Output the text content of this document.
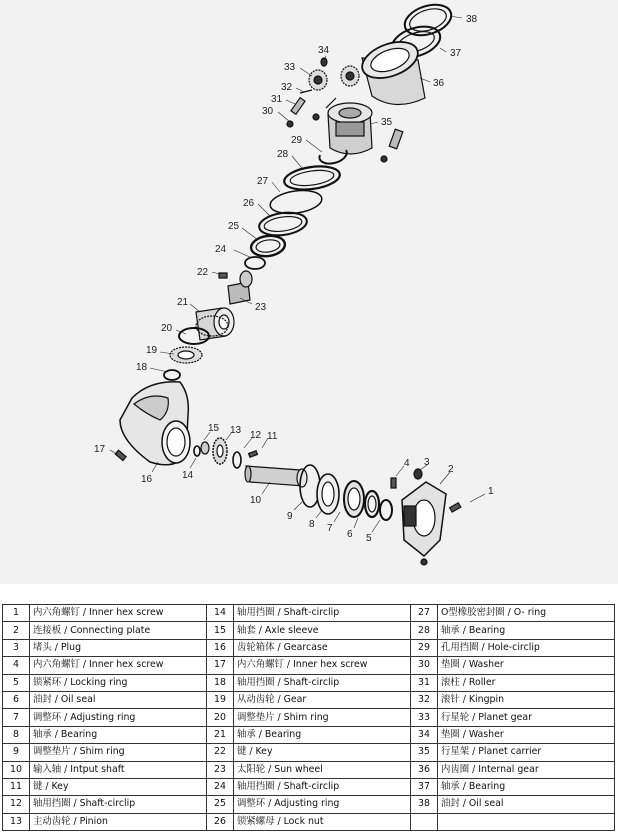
1
2
3
4
5
6
7
8
9
10
11
12
13
14
15
16
17
18
19
20
21
22
23
24
25
26
27
28
29
30
31
32
33
34
35
36
37
38
1	内六角螺钉 / Inner hex screw	14	轴用挡圈 / Shaft-circlip	27	O型橡胶密封圈 / O- ring
2	连接板 / Connecting plate	15	轴套 / Axle sleeve	28	轴承 / Bearing
3	堵头 / Plug	16	齿轮箱体 / Gearcase	29	孔用挡圈 / Hole-circlip
4	内六角螺钉 / Inner hex screw	17	内六角螺钉 / Inner hex screw	30	垫圈 / Washer
5	锁紧环 / Locking ring	18	轴用挡圈 / Shaft-circlip	31	滚柱 / Roller
6	油封 / Oil seal	19	从动齿轮 / Gear	32	滚针 / Kingpin
7	调整环 / Adjusting ring	20	调整垫片 / Shim ring	33	行星轮 / Planet gear
8	轴承 / Bearing	21	轴承 / Bearing	34	垫圈 / Washer
9	调整垫片 / Shim ring	22	键 / Key	35	行星架 / Planet carrier
10	输入轴 / Intput shaft	23	太阳轮 / Sun wheel	36	内齿圈 / Internal gear
11	键 / Key	24	轴用挡圈 / Shaft-circlip	37	轴承 / Bearing
12	轴用挡圈 / Shaft-circlip	25	调整环 / Adjusting ring	38	油封 / Oil seal
13	主动齿轮 / Pinion	26	锁紧螺母 / Lock nut		
